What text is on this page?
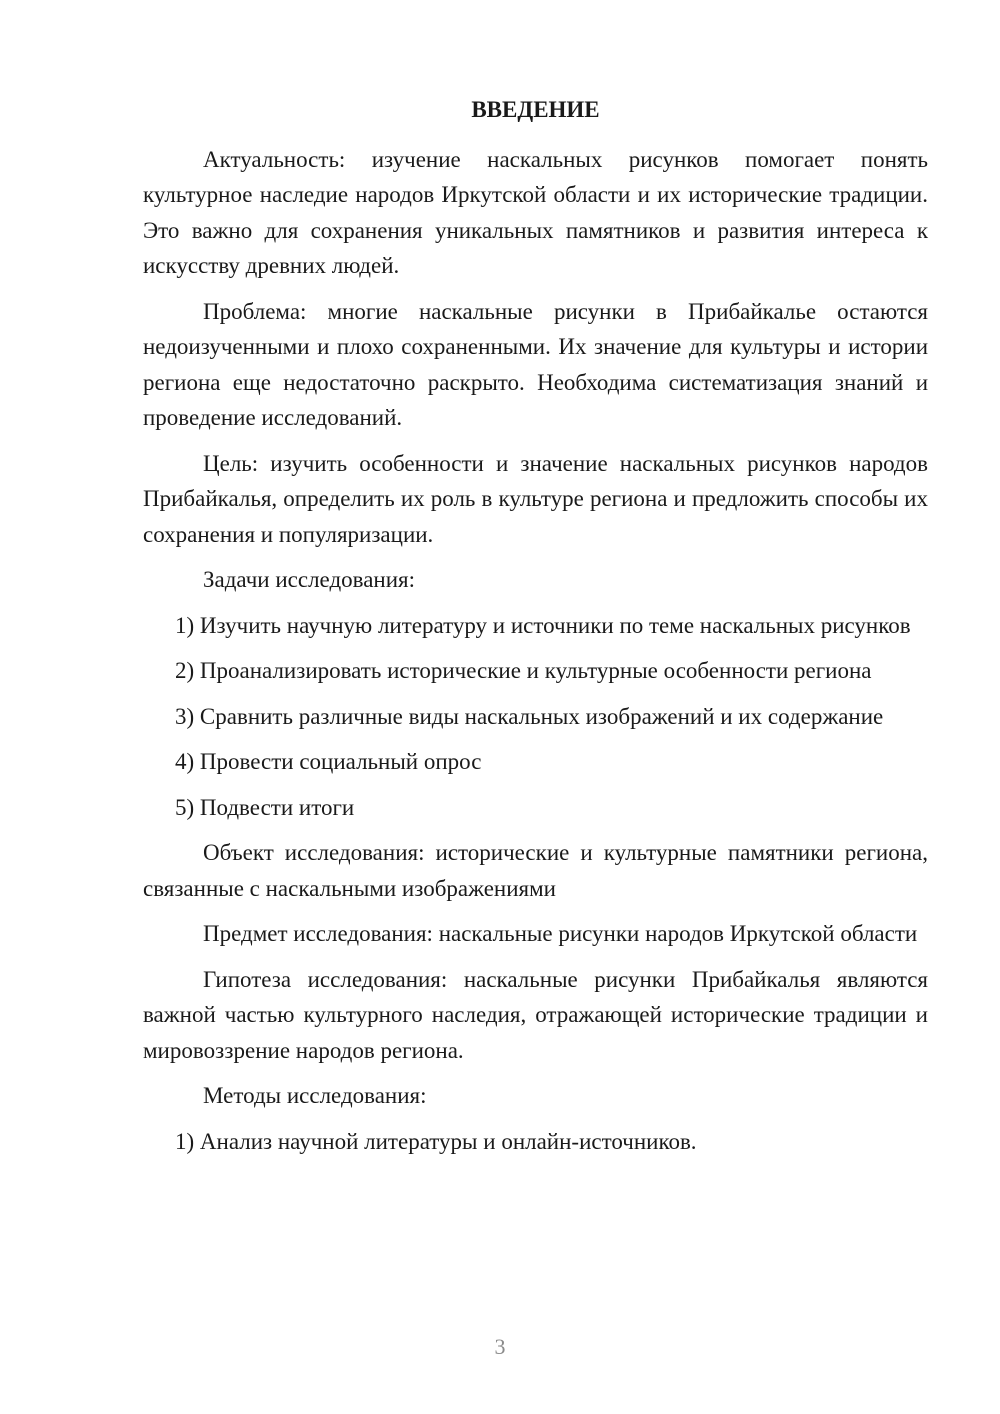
ВВЕДЕНИЕ

Актуальность: изучение наскальных рисунков помогает понять культурное наследие народов Иркутской области и их исторические традиции. Это важно для сохранения уникальных памятников и развития интереса к искусству древних людей.

Проблема: многие наскальные рисунки в Прибайкалье остаются недоизученными и плохо сохраненными. Их значение для культуры и истории региона еще недостаточно раскрыто. Необходима систематизация знаний и проведение исследований.

Цель: изучить особенности и значение наскальных рисунков народов Прибайкалья, определить их роль в культуре региона и предложить способы их сохранения и популяризации.

Задачи исследования:

1) Изучить научную литературу и источники по теме наскальных рисунков

2) Проанализировать исторические и культурные особенности региона

3) Сравнить различные виды наскальных изображений и их содержание

4) Провести социальный опрос

5) Подвести итоги

Объект исследования: исторические и культурные памятники региона, связанные с наскальными изображениями

Предмет исследования: наскальные рисунки народов Иркутской области

Гипотеза исследования: наскальные рисунки Прибайкалья являются важной частью культурного наследия, отражающей исторические традиции и мировоззрение народов региона.

Методы исследования:

1) Анализ научной литературы и онлайн-источников.

3
